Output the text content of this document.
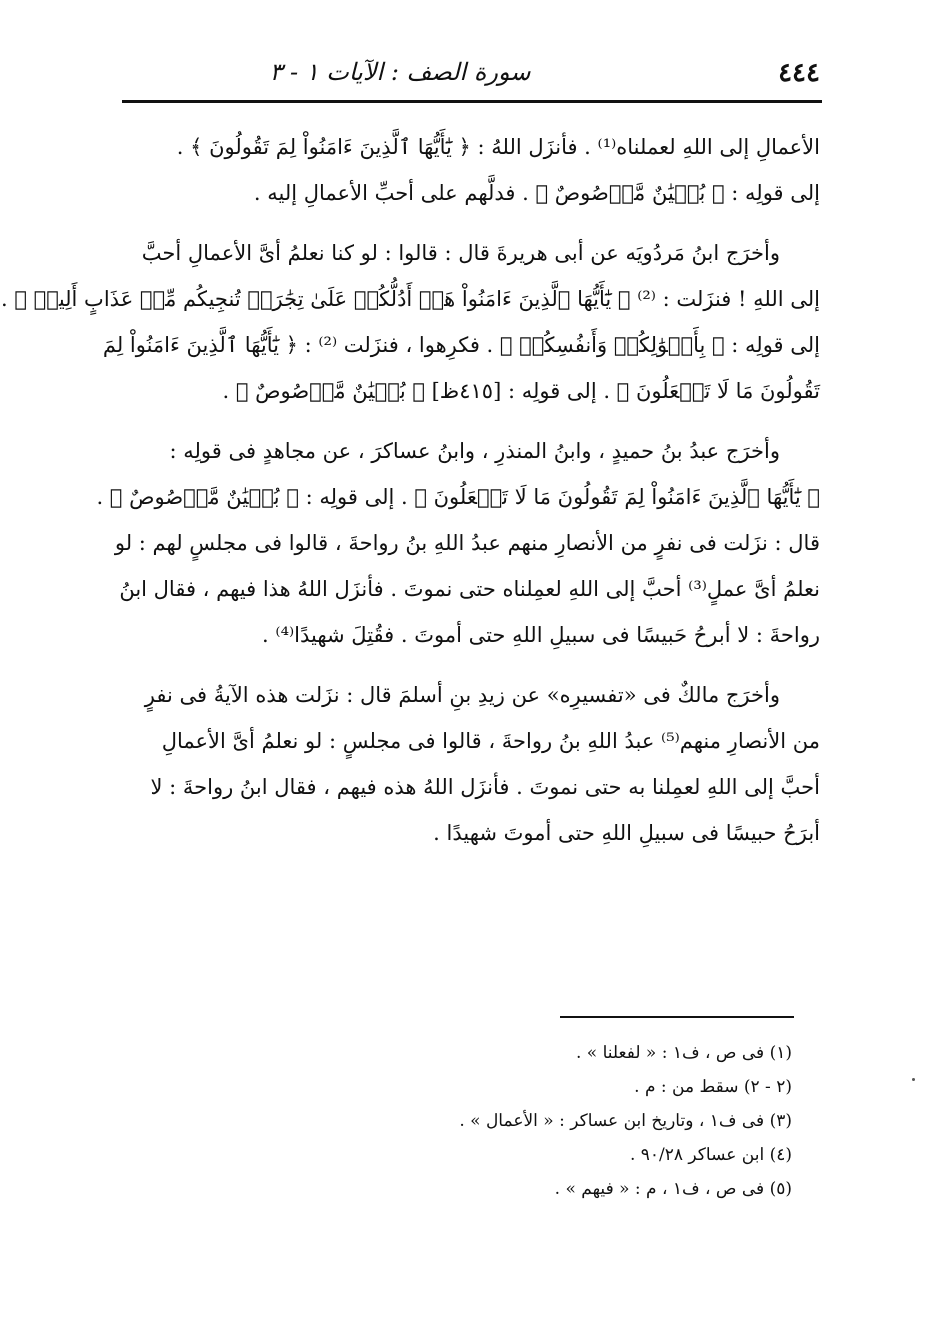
٤٤٤
سورة الصف : الآيات ١ - ٣

الأعمالِ إلى اللهِ لعملناه⁽¹⁾ . فأنزَل اللهُ : ﴿ يَٰٓأَيُّهَا ٱلَّذِينَ ءَامَنُواْ لِمَ تَقُولُونَ ﴾ .
إلى قولِه : ﴿ بُنۡيَٰنٌ مَّرۡصُوصٌ ﴾ . فدلَّهم على أحبِّ الأعمالِ إليه .

وأخرَج ابنُ مَردُويَه عن أبى هريرةَ قال : قالوا : لو كنا نعلمُ أىَّ الأعمالِ أحبَّ
إلى اللهِ ! فنزَلت : ⁽²⁾ ﴿ يَٰٓأَيُّهَا ٱلَّذِينَ ءَامَنُواْ هَلۡ أَدُلُّكُمۡ عَلَىٰ تِجَٰرَةٖ تُنجِيكُم مِّنۡ عَذَابٍ أَلِيمٖ ﴾ .
إلى قولِه : ﴿ بِأَمۡوَٰلِكُمۡ وَأَنفُسِكُمۡ ﴾ . فكرِهوا ، فنزَلت ⁽²⁾ : ﴿ يَٰٓأَيُّهَا ٱلَّذِينَ ءَامَنُواْ لِمَ
تَقُولُونَ مَا لَا تَفۡعَلُونَ ﴾ . إلى قولِه : [٤١٥ظ] ﴿ بُنۡيَٰنٌ مَّرۡصُوصٌ ﴾ .

وأخرَج عبدُ بنُ حميدٍ ، وابنُ المنذرِ ، وابنُ عساكرَ ، عن مجاهدٍ فى قولِه :
﴿ يَٰٓأَيُّهَا ٱلَّذِينَ ءَامَنُواْ لِمَ تَقُولُونَ مَا لَا تَفۡعَلُونَ ﴾ . إلى قولِه : ﴿ بُنۡيَٰنٌ مَّرۡصُوصٌ ﴾ .
قال : نزَلت فى نفرٍ من الأنصارِ منهم عبدُ اللهِ بنُ رواحةَ ، قالوا فى مجلسٍ لهم : لو
نعلمُ أىَّ عملٍ⁽³⁾ أحبَّ إلى اللهِ لعمِلناه حتى نموتَ . فأنزَل اللهُ هذا فيهم ، فقال ابنُ
رواحةَ : لا أبرحُ حَبيسًا فى سبيلِ اللهِ حتى أموتَ . فقُتِلَ شهيدًا⁽⁴⁾ .

وأخرَج مالكٌ فى «تفسيرِه» عن زيدِ بنِ أسلمَ قال : نزَلت هذه الآيةُ فى نفرٍ
من الأنصارِ منهم⁽⁵⁾ عبدُ اللهِ بنُ رواحةَ ، قالوا فى مجلسٍ : لو نعلمُ أىَّ الأعمالِ
أحبَّ إلى اللهِ لعمِلنا به حتى نموتَ . فأنزَل اللهُ هذه فيهم ، فقال ابنُ رواحةَ : لا
أبرَحُ حبيسًا فى سبيلِ اللهِ حتى أموتَ شهيدًا .

(١) فى ص ، ف١ : « لفعلنا » .
(٢ - ٢) سقط من : م .
(٣) فى ف١ ، وتاريخ ابن عساكر : « الأعمال » .
(٤) ابن عساكر ٩٠/٢٨ .
(٥) فى ص ، ف١ ، م : « فيهم » .
